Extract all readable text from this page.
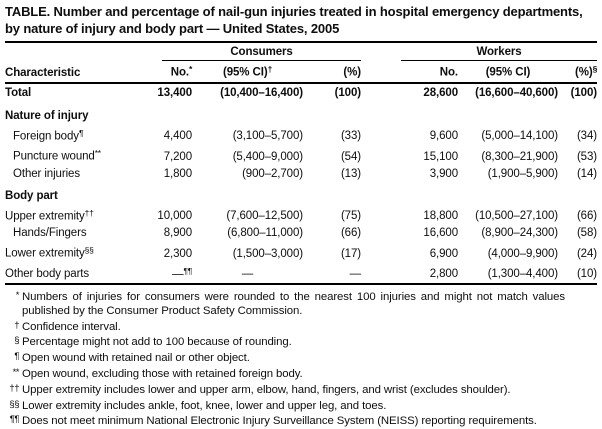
TABLE. Number and percentage of nail-gun injuries treated in hospital emergency departments, by nature of injury and body part — United States, 2005

	Consumers				Workers		

Characteristic	No.*	(95% CI)†	(%)		No.	(95% CI)	(%)§
Total	13,400	(10,400–16,400)	(100)		28,600	(16,600–40,600)	(100)
Nature of injury							
Foreign body¶	4,400	(3,100–5,700)	(33)		9,600	(5,000–14,100)	(34)
Puncture wound**	7,200	(5,400–9,000)	(54)		15,100	(8,300–21,900)	(53)
Other injuries	1,800	(900–2,700)	(13)		3,900	(1,900–5,900)	(14)
Body part							
Upper extremity††	10,000	(7,600–12,500)	(75)		18,800	(10,500–27,100)	(66)
Hands/Fingers	8,900	(6,800–11,000)	(66)		16,600	(8,900–24,300)	(58)
Lower extremity§§	2,300	(1,500–3,000)	(17)		6,900	(4,000–9,900)	(24)
Other body parts	—¶¶	—	—		2,800	(1,300–4,400)	(10)
* Numbers of injuries for consumers were rounded to the nearest 100 injuries and might not match values published by the Consumer Product Safety Commission.
† Confidence interval.
§ Percentage might not add to 100 because of rounding.
¶ Open wound with retained nail or other object.
** Open wound, excluding those with retained foreign body.
†† Upper extremity includes lower and upper arm, elbow, hand, fingers, and wrist (excludes shoulder).
§§ Lower extremity includes ankle, foot, knee, lower and upper leg, and toes.
¶¶ Does not meet minimum National Electronic Injury Surveillance System (NEISS) reporting requirements.
